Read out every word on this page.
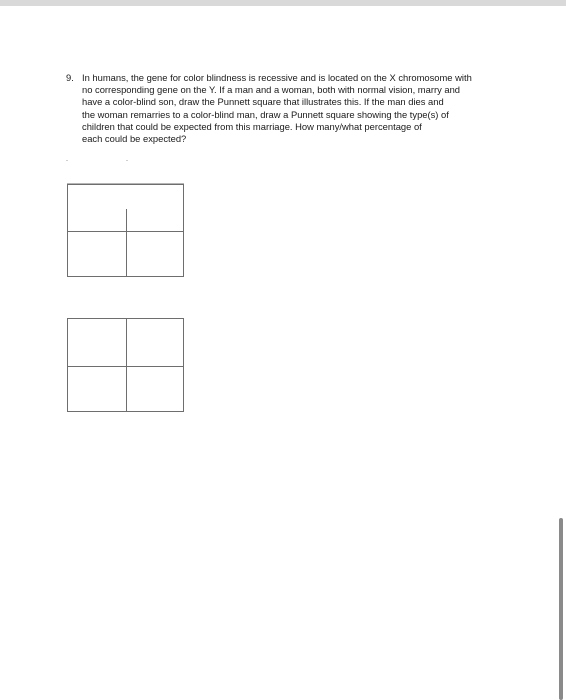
9. In humans, the gene for color blindness is recessive and is located on the X chromosome with
no corresponding gene on the Y. If a man and a woman, both with normal vision, marry and
have a color-blind son, draw the Punnett square that illustrates this. If the man dies and
the woman remarries to a color-blind man, draw a Punnett square showing the type(s) of
children that could be expected from this marriage. How many/what percentage of
each could be expected?
